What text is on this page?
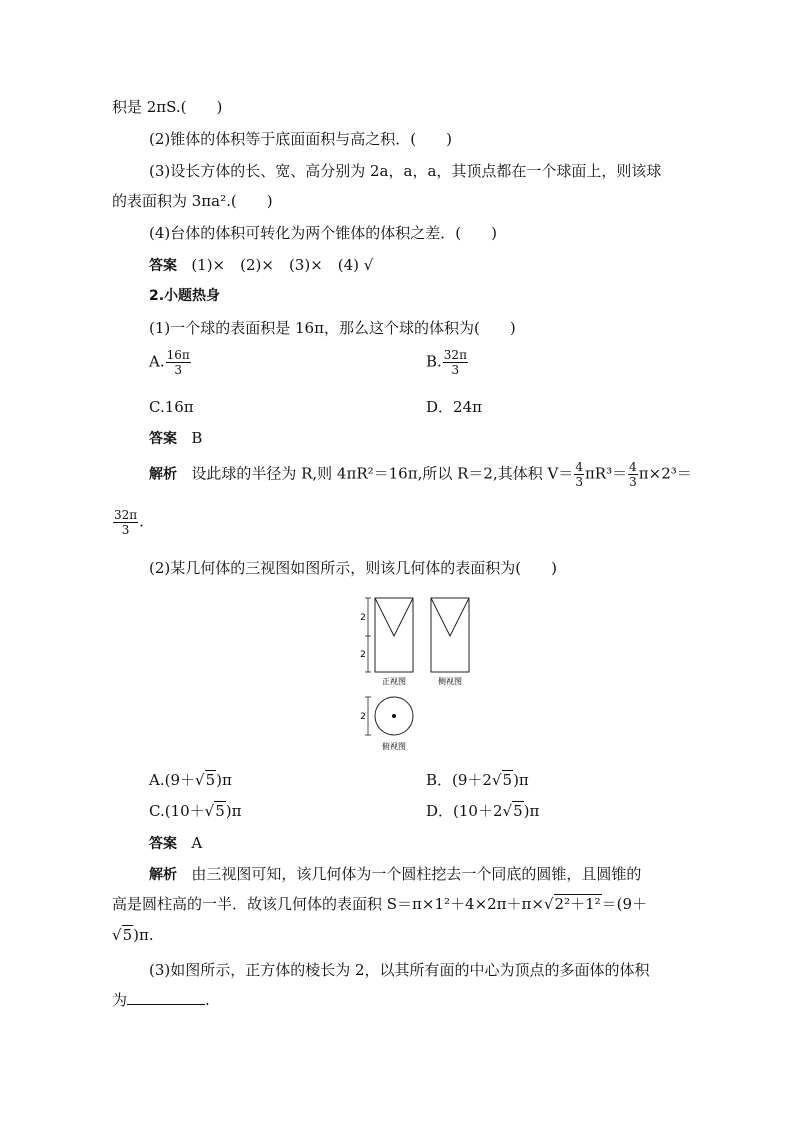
积是 2πS.(　　)
(2)锥体的体积等于底面面积与高之积．(　　)
(3)设长方体的长、宽、高分别为 2a，a，a，其顶点都在一个球面上，则该球
的表面积为 3πa².(　　)
(4)台体的体积可转化为两个锥体的体积之差．(　　)
答案 (1)×　(2)×　(3)×　(4) √
2.小题热身
(1)一个球的表面积是 16π，那么这个球的体积为(　　)
A. $\frac{16\pi}{3}$	B. $\frac{32\pi}{3}$
C.16π	D．24π
答案 B
解析 设此球的半径为 R,则 4πR²＝16π,所以 R＝2,其体积 $V= \frac{4}{3} \pi R^3= \frac{4}{3} \pi\times 2^3=$
$\frac{32\pi}{3}$ .
(2)某几何体的三视图如图所示，则该几何体的表面积为(　　)
2
2
正视图	侧视图
2
俯视图
A.(9＋√5)π	B．(9＋2√5)π
C.(10＋√5)π	D．(10＋2√5)π
答案 A
解析 由三视图可知，该几何体为一个圆柱挖去一个同底的圆锥，且圆锥的
高是圆柱高的一半．故该几何体的表面积 S＝π×1²＋4×2π＋π×√2²＋1²＝(9＋
√5)π.
(3)如图所示，正方体的棱长为 2，以其所有面的中心为顶点的多面体的体积
为	.
